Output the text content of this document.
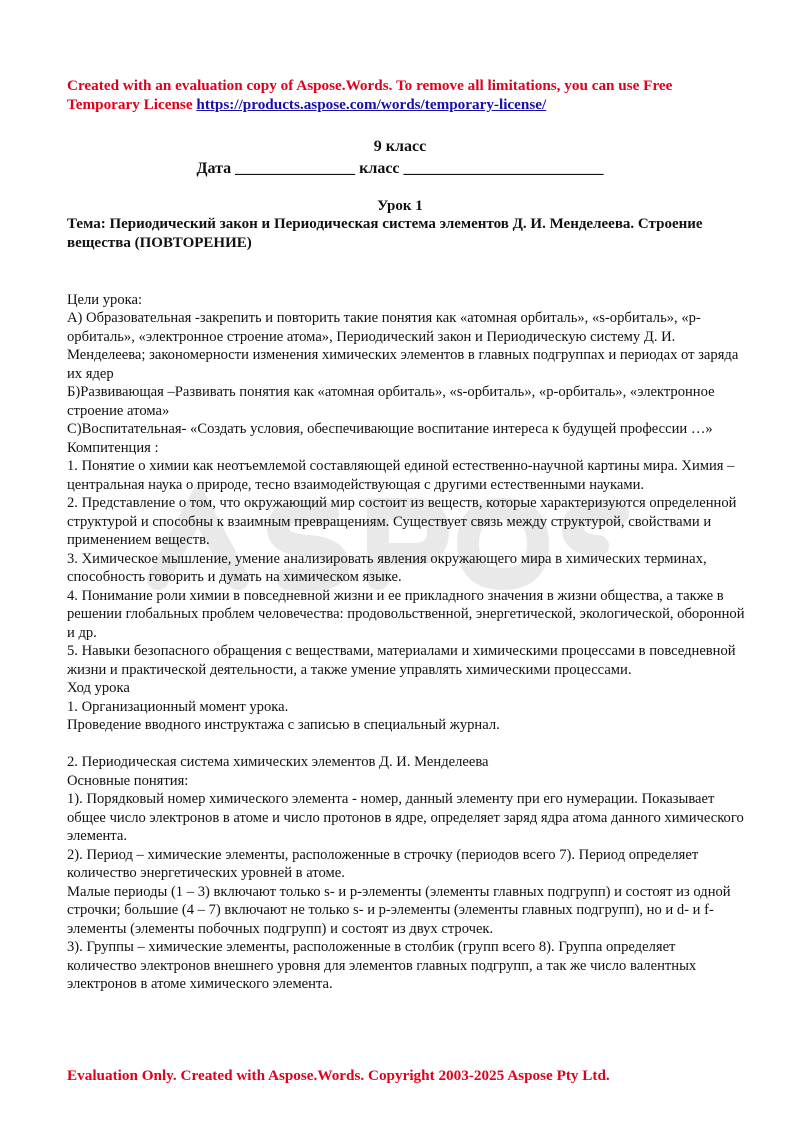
Created with an evaluation copy of Aspose.Words. To remove all limitations, you can use Free Temporary License https://products.aspose.com/words/temporary-license/
9 класс
Дата _______________ класс _________________________
Урок 1
Тема: Периодический закон и Периодическая система элементов Д. И. Менделеева. Строение вещества (ПОВТОРЕНИЕ)

Цели урока:

А) Образовательная -закрепить и повторить такие понятия как «атомная орбиталь», «s-орбиталь», «p-орбиталь», «электронное строение атома», Периодический закон и Периодическую систему Д. И. Менделеева; закономерности изменения химических элементов в главных подгруппах и периодах от заряда их ядер

Б)Развивающая –Развивать понятия как «атомная орбиталь», «s-орбиталь», «p-орбиталь», «электронное строение атома»

С)Воспитательная- «Создать условия, обеспечивающие воспитание интереса к будущей профессии …»

Компитенция :

1. Понятие о химии как неотъемлемой составляющей единой естественно-научной картины мира. Химия – центральная наука о природе, тесно взаимодействующая с другими естественными науками.

2. Представление о том, что окружающий мир состоит из веществ, которые характеризуются определенной структурой и способны к взаимным превращениям. Существует связь между структурой, свойствами и применением веществ.

3. Химическое мышление, умение анализировать явления окружающего мира в химических терминах, способность говорить и думать на химическом языке.

4. Понимание роли химии в повседневной жизни и ее прикладного значения в жизни общества, а также в решении глобальных проблем человечества: продовольственной, энергетической, экологической, оборонной и др.

5. Навыки безопасного обращения с веществами, материалами и химическими процессами в повседневной жизни и практической деятельности, а также умение управлять химическими процессами.

Ход урока

1. Организационный момент урока.

Проведение вводного инструктажа с записью в специальный журнал.

2. Периодическая система химических элементов Д. И. Менделеева

Основные понятия:

1). Порядковый номер химического элемента - номер, данный элементу при его нумерации. Показывает общее число электронов в атоме и число протонов в ядре, определяет заряд ядра атома данного химического элемента.

2). Период – химические элементы, расположенные в строчку (периодов всего 7). Период определяет количество энергетических уровней в атоме.

Малые периоды (1 – 3) включают только s- и p-элементы (элементы главных подгрупп) и состоят из одной строчки; большие (4 – 7) включают не только s- и p-элементы (элементы главных подгрупп), но и d- и f-элементы (элементы побочных подгрупп) и состоят из двух строчек.

3). Группы – химические элементы, расположенные в столбик (групп всего 8). Группа определяет количество электронов внешнего уровня для элементов главных подгрупп, а так же число валентных электронов в атоме химического элемента.

Evaluation Only. Created with Aspose.Words. Copyright 2003-2025 Aspose Pty Ltd.
